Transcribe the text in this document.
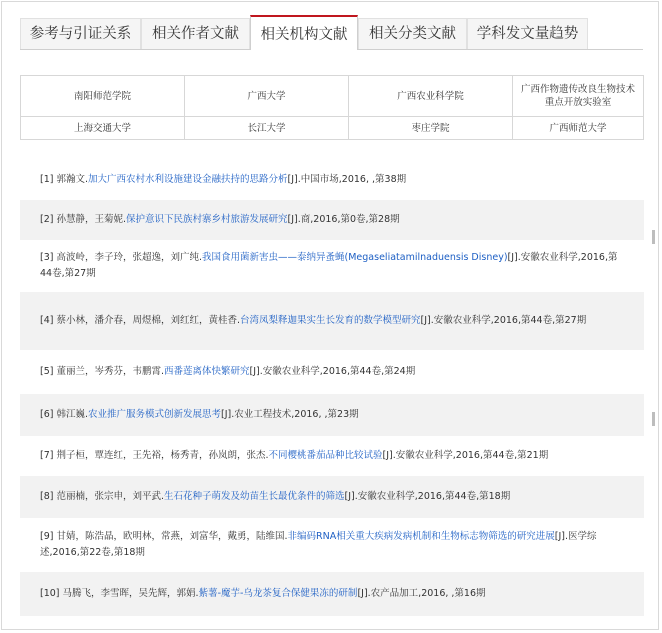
参考与引证关系	相关作者文献	相关机构文献	相关分类文献	学科发文量趋势
南阳师范学院	广西大学	广西农业科学院	广西作物遗传改良生物技术重点开放实验室
上海交通大学	长江大学	枣庄学院	广西师范大学

[1] 郭瀚文.加大广西农村水利设施建设金融扶持的思路分析[J].中国市场,2016, ,第38期

[2] 孙慧静，王菊妮.保护意识下民族村寨乡村旅游发展研究[J].商,2016,第0卷,第28期

[3] 高波岭，李子玲，张超逸，刘广纯.我国食用菌新害虫——泰纳异蚤蝇(Megaseliatamilnaduensis Disney)[J].安徽农业科学,2016,第44卷,第27期

[4] 蔡小林，潘介春，周煜棉，刘红红，黄桂香.台湾凤梨释迦果实生长发育的数学模型研究[J].安徽农业科学,2016,第44卷,第27期

[5] 董丽兰，岑秀芬，韦鹏霄.西番莲离体快繁研究[J].安徽农业科学,2016,第44卷,第24期

[6] 韩江巍.农业推广服务模式创新发展思考[J].农业工程技术,2016, ,第23期

[7] 荆子桓，覃连红，王先裕，杨秀青，孙岚朗，张杰.不同樱桃番茄品种比较试验[J].安徽农业科学,2016,第44卷,第21期

[8] 范丽楠，张宗申，刘平武.生石花种子萌发及幼苗生长最优条件的筛选[J].安徽农业科学,2016,第44卷,第18期

[9] 甘婧，陈浩晶，欧明林，常燕，刘富华，戴勇，陆维国.非编码RNA相关重大疾病发病机制和生物标志物筛选的研究进展[J].医学综述,2016,第22卷,第18期

[10] 马腾飞，李雪晖，吴先辉，郭娟.紫薯-魔芋-乌龙茶复合保健果冻的研制[J].农产品加工,2016, ,第16期
